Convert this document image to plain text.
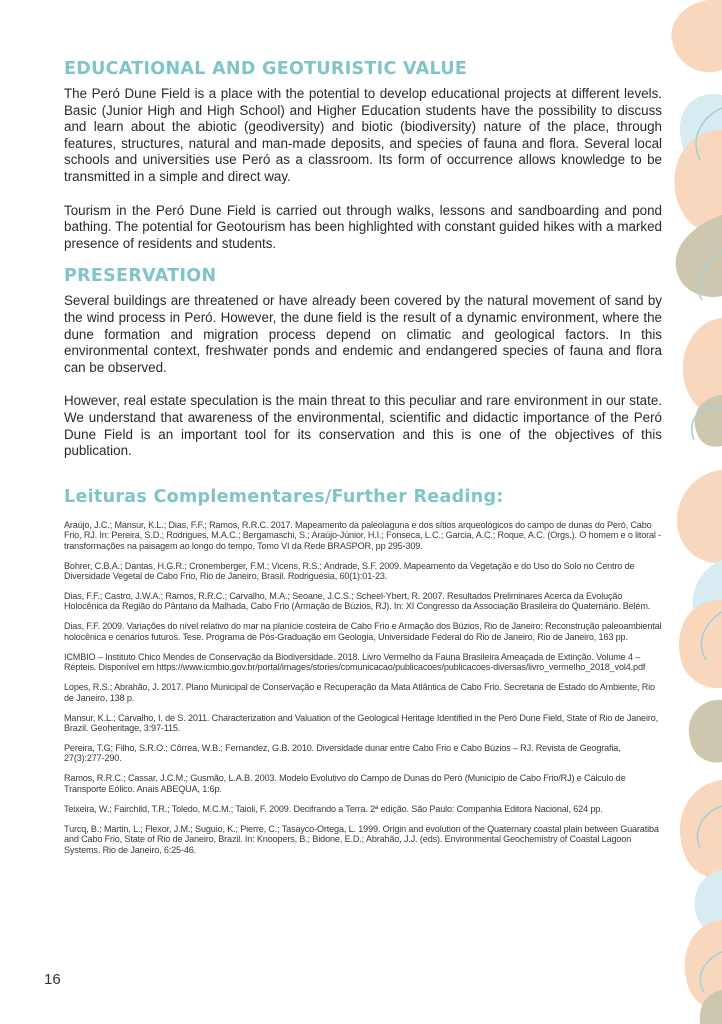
EDUCATIONAL AND GEOTURISTIC VALUE

The Peró Dune Field is a place with the potential to develop educational projects at different levels. Basic (Junior High and High School) and Higher Education students have the possibility to discuss and learn about the abiotic (geodiversity) and biotic (biodiversity) nature of the place, through features, structures, natural and man-made deposits, and species of fauna and flora. Several local schools and universities use Peró as a classroom. Its form of occurrence allows knowledge to be transmitted in a simple and direct way.

Tourism in the Peró Dune Field is carried out through walks, lessons and sandboarding and pond bathing. The potential for Geotourism has been highlighted with constant guided hikes with a marked presence of residents and students.

PRESERVATION

Several buildings are threatened or have already been covered by the natural movement of sand by the wind process in Peró. However, the dune field is the result of a dynamic environment, where the dune formation and migration process depend on climatic and geological factors. In this environmental context, freshwater ponds and endemic and endangered species of fauna and flora can be observed.

However, real estate speculation is the main threat to this peculiar and rare environment in our state. We understand that awareness of the environmental, scientific and didactic importance of the Peró Dune Field is an important tool for its conservation and this is one of the objectives of this publication.

Leituras Complementares/Further Reading:

Araújo, J.C.; Mansur, K.L.; Dias, F.F.; Ramos, R.R.C. 2017. Mapeamento da paleolaguna e dos sítios arqueológicos do campo de dunas do Peró, Cabo Frio, RJ. In: Pereira, S.D.; Rodrigues, M.A.C.; Bergamaschi, S.; Araújo-Júnior, H.I.; Fonseca, L.C.; Garcia, A.C.; Roque, A.C. (Orgs.). O homem e o litoral - transformações na paisagem ao longo do tempo, Tomo VI da Rede BRASPOR, pp 295-309.

Bohrer, C.B.A.; Dantas, H.G.R.; Cronemberger, F.M.; Vicens, R.S.; Andrade, S.F. 2009. Mapeamento da Vegetação e do Uso do Solo no Centro de Diversidade Vegetal de Cabo Frio, Rio de Janeiro, Brasil. Rodriguésia, 60(1):01-23.

Dias, F.F.; Castro, J.W.A.; Ramos, R.R.C.; Carvalho, M.A.; Seoane, J.C.S.; Scheel-Ybert, R. 2007. Resultados Preliminares Acerca da Evolução Holocênica da Região do Pântano da Malhada, Cabo Frio (Armação de Búzios, RJ). In: XI Congresso da Associação Brasileira do Quaternário. Belém.

Dias, F.F. 2009. Variações do nível relativo do mar na planície costeira de Cabo Frio e Armação dos Búzios, Rio de Janeiro: Reconstrução paleoambiental holocênica e cenários futuros. Tese. Programa de Pós-Graduação em Geologia, Universidade Federal do Rio de Janeiro, Rio de Janeiro, 163 pp.

ICMBIO – Instituto Chico Mendes de Conservação da Biodiversidade. 2018. Livro Vermelho da Fauna Brasileira Ameaçada de Extinção. Volume 4 – Répteis. Disponível em https://www.icmbio.gov.br/portal/images/stories/comunicacao/publicacoes/publicacoes-diversas/livro_vermelho_2018_vol4.pdf

Lopes, R.S.; Abrahão, J. 2017. Plano Municipal de Conservação e Recuperação da Mata Atlântica de Cabo Frio. Secretaria de Estado do Ambiente, Rio de Janeiro, 138 p.

Mansur, K.L.; Carvalho, I. de S. 2011. Characterization and Valuation of the Geological Heritage Identified in the Peró Dune Field, State of Rio de Janeiro, Brazil. Geoheritage, 3:97-115.

Pereira, T.G; Filho, S.R.O.; Côrrea, W.B.; Fernandez, G.B. 2010. Diversidade dunar entre Cabo Frio e Cabo Búzios – RJ. Revista de Geografia, 27(3):277-290.

Ramos, R.R.C.; Cassar, J.C.M.; Gusmão, L.A.B. 2003. Modelo Evolutivo do Campo de Dunas do Peró (Município de Cabo Frio/RJ) e Cálculo de Transporte Eólico. Anais ABEQUA, 1:6p.

Teixeira, W.; Fairchild, T.R.; Toledo, M.C.M.; Taioli, F. 2009. Decifrando a Terra. 2ª edição. São Paulo: Companhia Editora Nacional, 624 pp.

Turcq, B.; Martin, L.; Flexor, J.M.; Suguio, K.; Pierre, C.; Tasayco-Ortega, L. 1999. Origin and evolution of the Quaternary coastal plain between Guaratiba and Cabo Frio, State of Rio de Janeiro, Brazil. In: Knoopers, B.; Bidone, E.D.; Abrahão, J.J. (eds). Environmental Geochemistry of Coastal Lagoon Systems. Rio de Janeiro, 6:25-46.

16
